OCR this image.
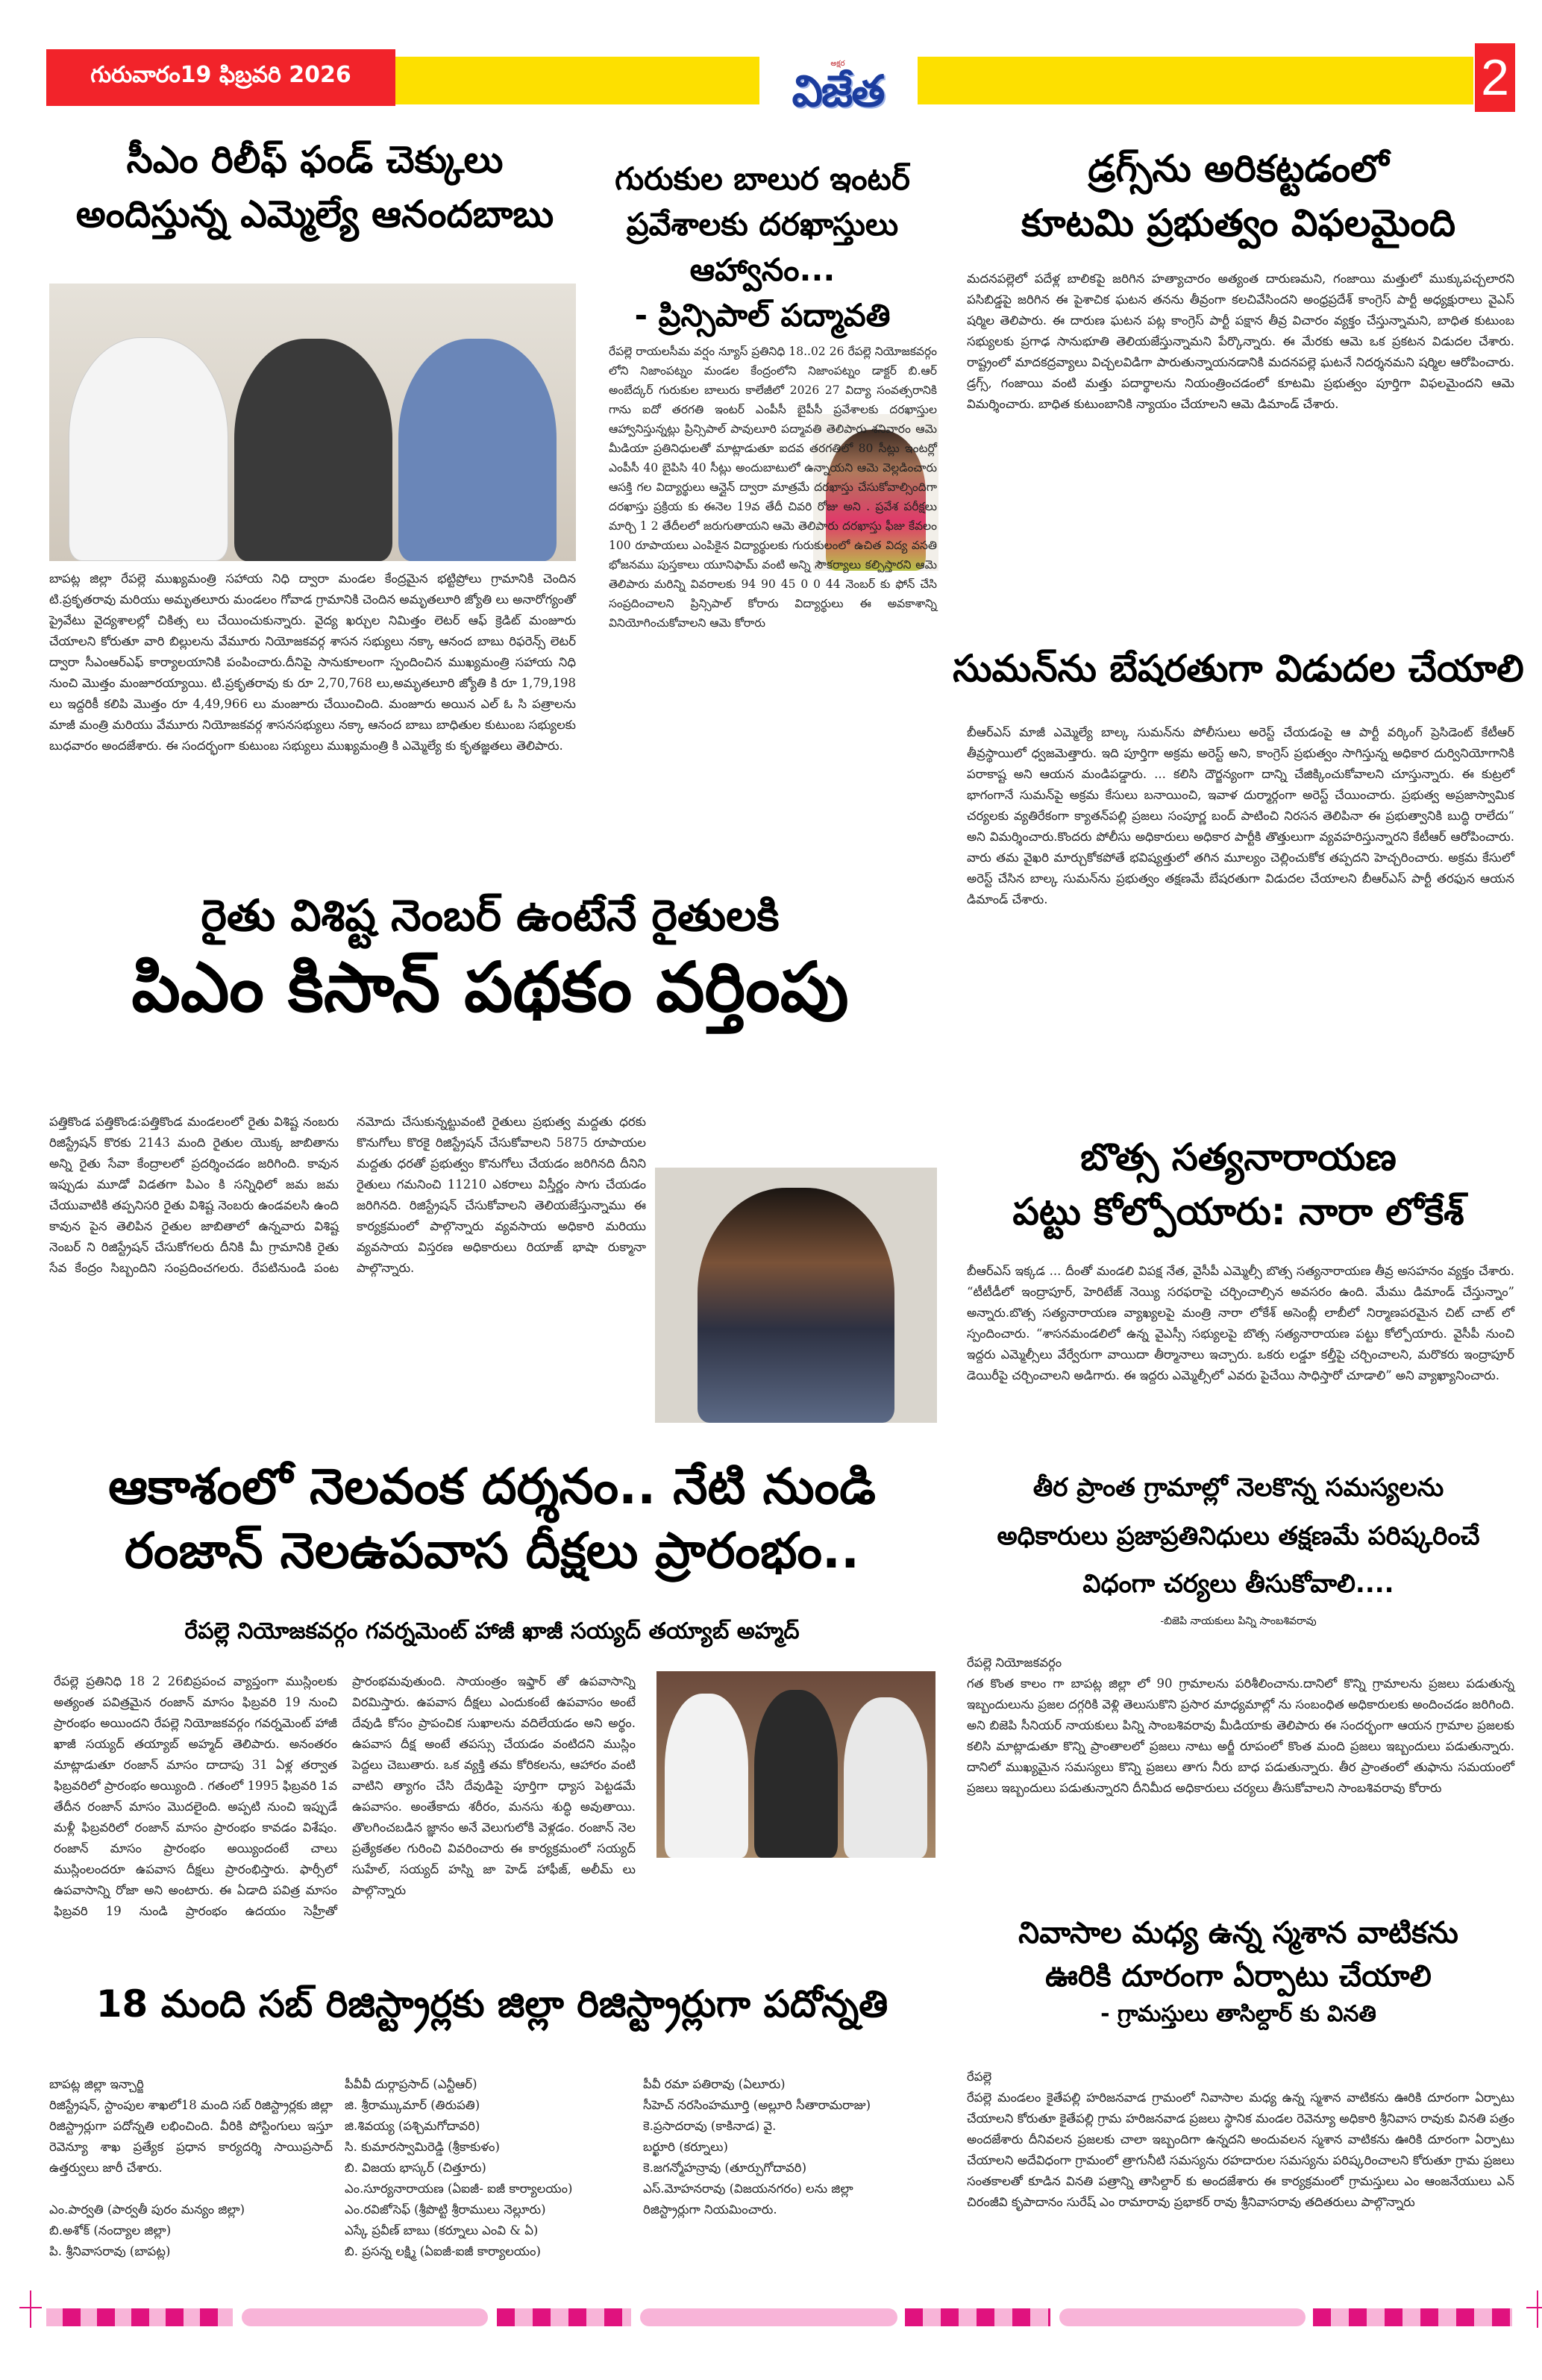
గురువారం19 ఫిబ్రవరి 2026	అక్షర
విజేత	2
సీఎం రిలీఫ్ ఫండ్ చెక్కులు
అందిస్తున్న ఎమ్మెల్యే ఆనందబాబు

బాపట్ల జిల్లా రేపల్లె ముఖ్యమంత్రి సహాయ నిధి ద్వారా మండల కేంద్రమైన భట్టిప్రోలు గ్రామానికి చెందిన టి.ప్రకృతరావు మరియు అమృతలూరు మండలం గోవాడ గ్రామానికి చెందిన అమృతలూరి జ్యోతి లు అనారోగ్యంతో ప్రైవేటు వైద్యశాలల్లో చికిత్స లు చేయించుకున్నారు. వైద్య ఖర్చుల నిమిత్తం లెటర్ ఆఫ్ క్రెడిట్ మంజూరు చేయాలని కోరుతూ వారి బిల్లులను వేమూరు నియోజకవర్గ శాసన సభ్యులు నక్కా ఆనంద బాబు రిఫరెన్స్ లెటర్ ద్వారా సీఎంఆర్ఎఫ్ కార్యాలయానికి పంపించారు.దీనిపై సానుకూలంగా స్పందించిన ముఖ్యమంత్రి సహాయ నిధి నుంచి మొత్తం మంజూరయ్యాయి. టి.ప్రకృతరావు కు రూ 2,70,768 లు,అమృతలూరి జ్యోతి కి రూ 1,79,198 లు ఇద్దరికీ కలిపి మొత్తం రూ 4,49,966 లు మంజూరు చేయించింది. మంజూరు అయిన ఎల్ ఓ సి పత్రాలను మాజీ మంత్రి మరియు వేమూరు నియోజకవర్గ శాసనసభ్యులు నక్కా ఆనంద బాబు బాధితుల కుటుంబ సభ్యులకు బుధవారం అందజేశారు. ఈ సందర్భంగా కుటుంబ సభ్యులు ముఖ్యమంత్రి కి ఎమ్మెల్యే కు కృతజ్ఞతలు తెలిపారు.

గురుకుల బాలుర ఇంటర్
ప్రవేశాలకు దరఖాస్తులు
ఆహ్వానం...
- ప్రిన్సిపాల్ పద్మావతి

రేపల్లె రాయలసీమ వర్షం న్యూస్ ప్రతినిధి 18..02 26 రేపల్లె నియోజకవర్గం లోని నిజాంపట్నం మండల కేంద్రంలోని నిజాంపట్నం డాక్టర్ బి.ఆర్ అంబేద్కర్ గురుకుల బాలురు కాలేజీలో 2026 27 విద్యా సంవత్సరానికి గాను ఐదో తరగతి ఇంటర్ ఎంపీసీ బైపీసీ ప్రవేశాలకు దరఖాస్తుల ఆహ్వానిస్తున్నట్లు ప్రిన్సిపాల్ పావులూరి పద్మావతి తెలిపారు శనివారం ఆమె మీడియా ప్రతినిధులతో మాట్లాడుతూ ఐదవ తరగతిలో 80 సీట్లు ఇంటర్లో ఎంపీసీ 40 బైపిసి 40 సీట్లు అందుబాటులో ఉన్నాయని ఆమె వెల్లడించారు ఆసక్తి గల విద్యార్థులు ఆన్లైన్ ద్వారా మాత్రమే దరఖాస్తు చేసుకోవాల్సిందిగా దరఖాస్తు ప్రక్రియ కు ఈనెల 19వ తేదీ చివరి రోజు అని . ప్రవేశ పరీక్షలు మార్చి 1 2 తేదీలలో జరుగుతాయని ఆమె తెలిపారు దరఖాస్తు ఫీజు కేవలం 100 రూపాయలు ఎంపికైన విద్యార్థులకు గురుకులంలో ఉచిత విద్య వసతి భోజనము పుస్తకాలు యూనిఫామ్ వంటి అన్ని సౌకర్యాలు కల్పిస్తారని ఆమె తెలిపారు మరిన్ని వివరాలకు 94 90 45 0 0 44 నెంబర్ కు ఫోన్ చేసి సంప్రదించాలని ప్రిన్సిపాల్ కోరారు విద్యార్థులు ఈ అవకాశాన్ని వినియోగించుకోవాలని ఆమె కోరారు

డ్రగ్స్‌ను అరికట్టడంలో
కూటమి ప్రభుత్వం విఫలమైంది

మదనపల్లెలో పదేళ్ల బాలికపై జరిగిన హత్యాచారం అత్యంత దారుణమని, గంజాయి మత్తులో ముక్కుపచ్చలారని పసిబిడ్డపై జరిగిన ఈ పైశాచిక ఘటన తనను తీవ్రంగా కలచివేసిందని అంధ్రప్రదేశ్ కాంగ్రెస్ పార్టీ అధ్యక్షురాలు వైఎస్ షర్మిల తెలిపారు. ఈ దారుణ ఘటన పట్ల కాంగ్రెస్ పార్టీ పక్షాన తీవ్ర విచారం వ్యక్తం చేస్తున్నామని, బాధిత కుటుంబ సభ్యులకు ప్రగాఢ సానుభూతి తెలియజేస్తున్నామని పేర్కొన్నారు. ఈ మేరకు ఆమె ఒక ప్రకటన విడుదల చేశారు. రాష్ట్రంలో మాదకద్రవ్యాలు విచ్చలవిడిగా పారుతున్నాయనడానికి మదనపల్లె ఘటనే నిదర్శనమని షర్మిల ఆరోపించారు. డ్రగ్స్, గంజాయి వంటి మత్తు పదార్థాలను నియంత్రించడంలో కూటమి ప్రభుత్వం పూర్తిగా విఫలమైందని ఆమె విమర్శించారు. బాధిత కుటుంబానికి న్యాయం చేయాలని ఆమె డిమాండ్ చేశారు.

సుమన్‌ను బేషరతుగా విడుదల చేయాలి

బీఆర్ఎస్ మాజీ ఎమ్మెల్యే బాల్క సుమన్‌ను పోలీసులు అరెస్ట్ చేయడంపై ఆ పార్టీ వర్కింగ్ ప్రెసిడెంట్ కేటీఆర్ తీవ్రస్థాయిలో ధ్వజమెత్తారు. ఇది పూర్తిగా అక్రమ అరెస్ట్ అని, కాంగ్రెస్ ప్రభుత్వం సాగిస్తున్న అధికార దుర్వినియోగానికి పరాకాష్ట అని ఆయన మండిపడ్డారు. ... కలిసి దౌర్జన్యంగా దాన్ని చేజిక్కించుకోవాలని చూస్తున్నారు. ఈ కుట్రలో భాగంగానే సుమన్‌పై అక్రమ కేసులు బనాయించి, ఇవాళ దుర్మార్గంగా అరెస్ట్ చేయించారు. ప్రభుత్వ అప్రజాస్వామిక చర్యలకు వ్యతిరేకంగా క్యాతన్‌పల్లి ప్రజలు సంపూర్ణ బంద్ పాటించి నిరసన తెలిపినా ఈ ప్రభుత్వానికి బుద్ధి రాలేదు“ అని విమర్శించారు.కొందరు పోలీసు అధికారులు అధికార పార్టీకి తొత్తులుగా వ్యవహరిస్తున్నారని కేటీఆర్ ఆరోపించారు. వారు తమ వైఖరి మార్చుకోకపోతే భవిష్యత్తులో తగిన మూల్యం చెల్లించుకోక తప్పదని హెచ్చరించారు. అక్రమ కేసులో అరెస్ట్ చేసిన బాల్క సుమన్‌ను ప్రభుత్వం తక్షణమే బేషరతుగా విడుదల చేయాలని బీఆర్ఎస్ పార్టీ తరఫున ఆయన డిమాండ్ చేశారు.

రైతు విశిష్ట నెంబర్ ఉంటేనే రైతులకి
పిఎం కిసాన్ పథకం వర్తింపు

పత్తికొండ పత్తికొండ:పత్తికొండ మండలంలో రైతు విశిష్ట నంబరు రిజిస్ట్రేషన్ కొరకు 2143 మంది రైతుల యొక్క జాబితాను అన్ని రైతు సేవా కేంద్రాలలో ప్రదర్శించడం జరిగింది. కావున ఇప్పుడు మూడో విడతగా పిఎం కి సన్నిధిలో జమ జమ చేయువాటికి తప్పనిసరి రైతు విశిష్ట నెంబరు ఉండవలసి ఉంది కావున పైన తెలిపిన రైతుల జాబితాలో ఉన్నవారు విశిష్ట నెంబర్ ని రిజిస్ట్రేషన్ చేసుకోగలరు దీనికి మీ గ్రామానికి రైతు సేవ కేంద్రం సిబ్బందిని సంప్రదించగలరు. రేపటినుండి పంట నమోదు చేసుకున్నట్టువంటి రైతులు ప్రభుత్వ మద్దతు ధరకు కొనుగోలు కొరకై రిజిస్ట్రేషన్ చేసుకోవాలని 5875 రూపాయల మద్దతు ధరతో ప్రభుత్వం కొనుగోలు చేయడం జరిగినది దీనిని రైతులు గమనించి 11210 ఎకరాలు విస్తీర్ణం సాగు చేయడం జరిగినది. రిజిస్ట్రేషన్ చేసుకోవాలని తెలియజేస్తున్నాము ఈ కార్యక్రమంలో పాల్గొన్నారు వ్యవసాయ అధికారి మరియు వ్యవసాయ విస్తరణ అధికారులు రియాజ్ భాషా రుక్మానా పాల్గొన్నారు.

బొత్స సత్యనారాయణ
పట్టు కోల్పోయారు: నారా లోకేశ్

బీఆర్ఎస్ ఇక్కడ ... దీంతో మండలి విపక్ష నేత, వైసీపీ ఎమ్మెల్సీ బొత్స సత్యనారాయణ తీవ్ర అసహనం వ్యక్తం చేశారు. “టీటీడీలో ఇంద్రాపూర్, హెరిటేజ్ నెయ్యి సరఫరాపై చర్చించాల్సిన అవసరం ఉంది. మేము డిమాండ్ చేస్తున్నాం” అన్నారు.బొత్స సత్యనారాయణ వ్యాఖ్యలపై మంత్రి నారా లోకేశ్ అసెంబ్లీ లాబీలో నిర్మాణపరమైన చిట్ చాట్ లో స్పందించారు. “శాసనమండలిలో ఉన్న వైఎస్సీ సభ్యులపై బొత్స సత్యనారాయణ పట్టు కోల్పోయారు. వైసీపీ నుంచి ఇద్దరు ఎమ్మెల్సీలు వేర్వేరుగా వాయిదా తీర్మానాలు ఇచ్చారు. ఒకరు లడ్డూ కల్తీపై చర్చించాలని, మరొకరు ఇంద్రాపూర్ డెయిరీపై చర్చించాలని అడిగారు. ఈ ఇద్దరు ఎమ్మెల్సీలో ఎవరు పైచేయి సాధిస్తారో చూడాలి” అని వ్యాఖ్యానించారు.

తీర ప్రాంత గ్రామాల్లో నెలకొన్న సమస్యలను
అధికారులు ప్రజాప్రతినిధులు తక్షణమే పరిష్కరించే
విధంగా చర్యలు తీసుకోవాలి....
-బిజెపి నాయకులు పిన్ని సాంబశివరావు

రేపల్లె నియోజకవర్గం

గత కొంత కాలం గా బాపట్ల జిల్లా లో 90 గ్రామాలను పరిశీలించాను.దానిలో కొన్ని గ్రామాలను ప్రజలు పడుతున్న ఇబ్బందులును ప్రజల దగ్గరికి వెళ్లి తెలుసుకొని ప్రసార మాధ్యమాల్లో ను సంబంధిత అధికారులకు అందించడం జరిగింది. అని బిజెపి సీనియర్ నాయకులు పిన్ని సాంబశివరావు మీడియాకు తెలిపారు ఈ సందర్భంగా ఆయన గ్రామాల ప్రజలకు కలిసి మాట్లాడుతూ కొన్ని ప్రాంతాలలో ప్రజలు నాటు అర్జీ రూపంలో కొంత మంది ప్రజలు ఇబ్బందులు పడుతున్నారు. దానిలో ముఖ్యమైన సమస్యలు కొన్ని ప్రజలు తాగు నీరు బాధ పడుతున్నారు. తీర ప్రాంతంలో తుఫాను సమయంలో ప్రజలు ఇబ్బందులు పడుతున్నారని దీనిమీద అధికారులు చర్యలు తీసుకోవాలని సాంబశివరావు కోరారు

ఆకాశంలో నెలవంక దర్శనం.. నేటి నుండి
రంజాన్ నెలఉపవాస దీక్షలు ప్రారంభం..
రేపల్లె నియోజకవర్గం గవర్నమెంట్ హాజీ ఖాజీ సయ్యద్ తయ్యాబ్ అహ్మద్

రేపల్లె ప్రతినిధి 18 2 26బిప్రపంచ వ్యాప్తంగా ముస్లింలకు అత్యంత పవిత్రమైన రంజాన్ మాసం ఫిబ్రవరి 19 నుంచి ప్రారంభం అయిందని రేపల్లె నియోజకవర్గం గవర్నమెంట్ హాజీ ఖాజీ సయ్యద్ తయ్యాబ్ అహ్మద్ తెలిపారు. అనంతరం మాట్లాడుతూ రంజాన్ మాసం దాదాపు 31 ఏళ్ల తర్వాత ఫిబ్రవరిలో ప్రారంభం అయ్యింది . గతంలో 1995 ఫిబ్రవరి 1వ తేదీన రంజాన్ మాసం మొదలైంది. అప్పటి నుంచి ఇప్పుడే మళ్లీ ఫిబ్రవరిలో రంజాన్ మాసం ప్రారంభం కావడం విశేషం. రంజాన్ మాసం ప్రారంభం అయ్యిందంటే చాలు ముస్లింలందరూ ఉపవాస దీక్షలు ప్రారంభిస్తారు. ఫార్సీలో ఉపవాసాన్ని రోజా అని అంటారు. ఈ ఏడాది పవిత్ర మాసం ఫిబ్రవరి 19 నుండి ప్రారంభం ఉదయం సెహ్రీతో ప్రారంభమవుతుంది. సాయంత్రం ఇఫ్తార్ తో ఉపవాసాన్ని విరమిస్తారు. ఉపవాస దీక్షలు ఎందుకంటే ఉపవాసం అంటే దేవుడి కోసం ప్రాపంచిక సుఖాలను వదిలేయడం అని అర్థం. ఉపవాస దీక్ష అంటే తపస్సు చేయడం వంటిదని ముస్లిం పెద్దలు చెబుతారు. ఒక వ్యక్తి తమ కోరికలను, ఆహారం వంటి వాటిని త్యాగం చేసి దేవుడిపై పూర్తిగా ధ్యాస పెట్టడమే ఉపవాసం. అంతేకాదు శరీరం, మనసు శుద్ధి అవుతాయి. తొలగించబడిన జ్ఞానం అనే వెలుగులోకి వెళ్లడం. రంజాన్ నెల ప్రత్యేకతల గురించి వివరించారు ఈ కార్యక్రమంలో సయ్యద్ సుహేల్, సయ్యద్ హస్ని జా హెడ్ హాఫీజ్, అలీమ్ లు పాల్గొన్నారు

18 మంది సబ్ రిజిస్ట్రార్లకు జిల్లా రిజిస్ట్రార్లుగా పదోన్నతి

బాపట్ల జిల్లా ఇన్చార్జి

రిజిస్ట్రేషన్, స్టాంపుల శాఖలో18 మంది సబ్ రిజిస్ట్రార్లకు జిల్లా రిజిస్ట్రార్లుగా పదోన్నతి లభించింది. వీరికి పోస్టింగులు ఇస్తూ రెవెన్యూ శాఖ ప్రత్యేక ప్రధాన కార్యదర్శి సాయిప్రసాద్ ఉత్తర్వులు జారీ చేశారు.

ఎం.పార్వతి (పార్వతీ పురం మన్యం జిల్లా)
బి.అశోక్ (నంద్యాల జిల్లా)
పి. శ్రీనివాసరావు (బాపట్ల)
పీవీవీ దుర్గాప్రసాద్ (ఎన్టీఆర్)
జి. శ్రీరామ్కుమార్ (తిరుపతి)
జి.శివయ్య (పశ్చిమగోదావరి)
సి. కుమారస్వామిరెడ్డి (శ్రీకాకుళం)
బి. విజయ భాస్కర్ (చిత్తూరు)
ఎం.సూర్యనారాయణ (ఏఐజీ- ఐజీ కార్యాలయం)
ఎం.రవిజోసెఫ్ (శ్రీపొట్టి శ్రీరాములు నెల్లూరు)
ఎస్కే ప్రవీణ్ బాబు (కర్నూలు ఎంవి & ఏ)
బి. ప్రసన్న లక్ష్మి (ఏఐజీ-ఐజీ కార్యాలయం)
పీవీ రమా పతిరావు (ఏలూరు)
సీహెచ్ నరసింహమూర్తి (అల్లూరి సీతారామరాజు)
కె.ప్రసాదరావు (కాకినాడ) వై.
బర్ఖూరి (కర్నూలు)
కె.జగన్మోహన్రావు (తూర్పుగోదావరి)
ఎస్.మోహనరావు (విజయనగరం) లను జిల్లా
రిజిస్ట్రార్లుగా నియమించారు.
నివాసాల మధ్య ఉన్న స్మశాన వాటికను
ఊరికి దూరంగా ఏర్పాటు చేయాలి
- గ్రామస్తులు తాసిల్దార్ కు వినతి

రేపల్లె

రేపల్లె మండలం కైతేపల్లి హరిజనవాడ గ్రామంలో నివాసాల మధ్య ఉన్న స్మశాన వాటికను ఊరికి దూరంగా ఏర్పాటు చేయాలని కోరుతూ కైతేపల్లి గ్రామ హరిజనవాడ ప్రజలు స్థానిక మండల రెవెన్యూ అధికారి శ్రీనివాస రావుకు వినతి పత్రం అందజేశారు దీనివలన ప్రజలకు చాలా ఇబ్బందిగా ఉన్నదని అందువలన స్మశాన వాటికను ఊరికి దూరంగా ఏర్పాటు చేయాలని అదేవిధంగా గ్రామంలో త్రాగునీటి సమస్యను రహదారుల సమస్యను పరిష్కరించాలని కోరుతూ గ్రామ ప్రజలు సంతకాలతో కూడిన వినతి పత్రాన్ని తాసిల్దార్ కు అందజేశారు ఈ కార్యక్రమంలో గ్రామస్తులు ఎం ఆంజనేయులు ఎన్ చిరంజీవి కృపాదానం సురేష్ ఎం రామారావు ప్రభాకర్ రావు శ్రీనివాసరావు తదితరులు పాల్గొన్నారు
